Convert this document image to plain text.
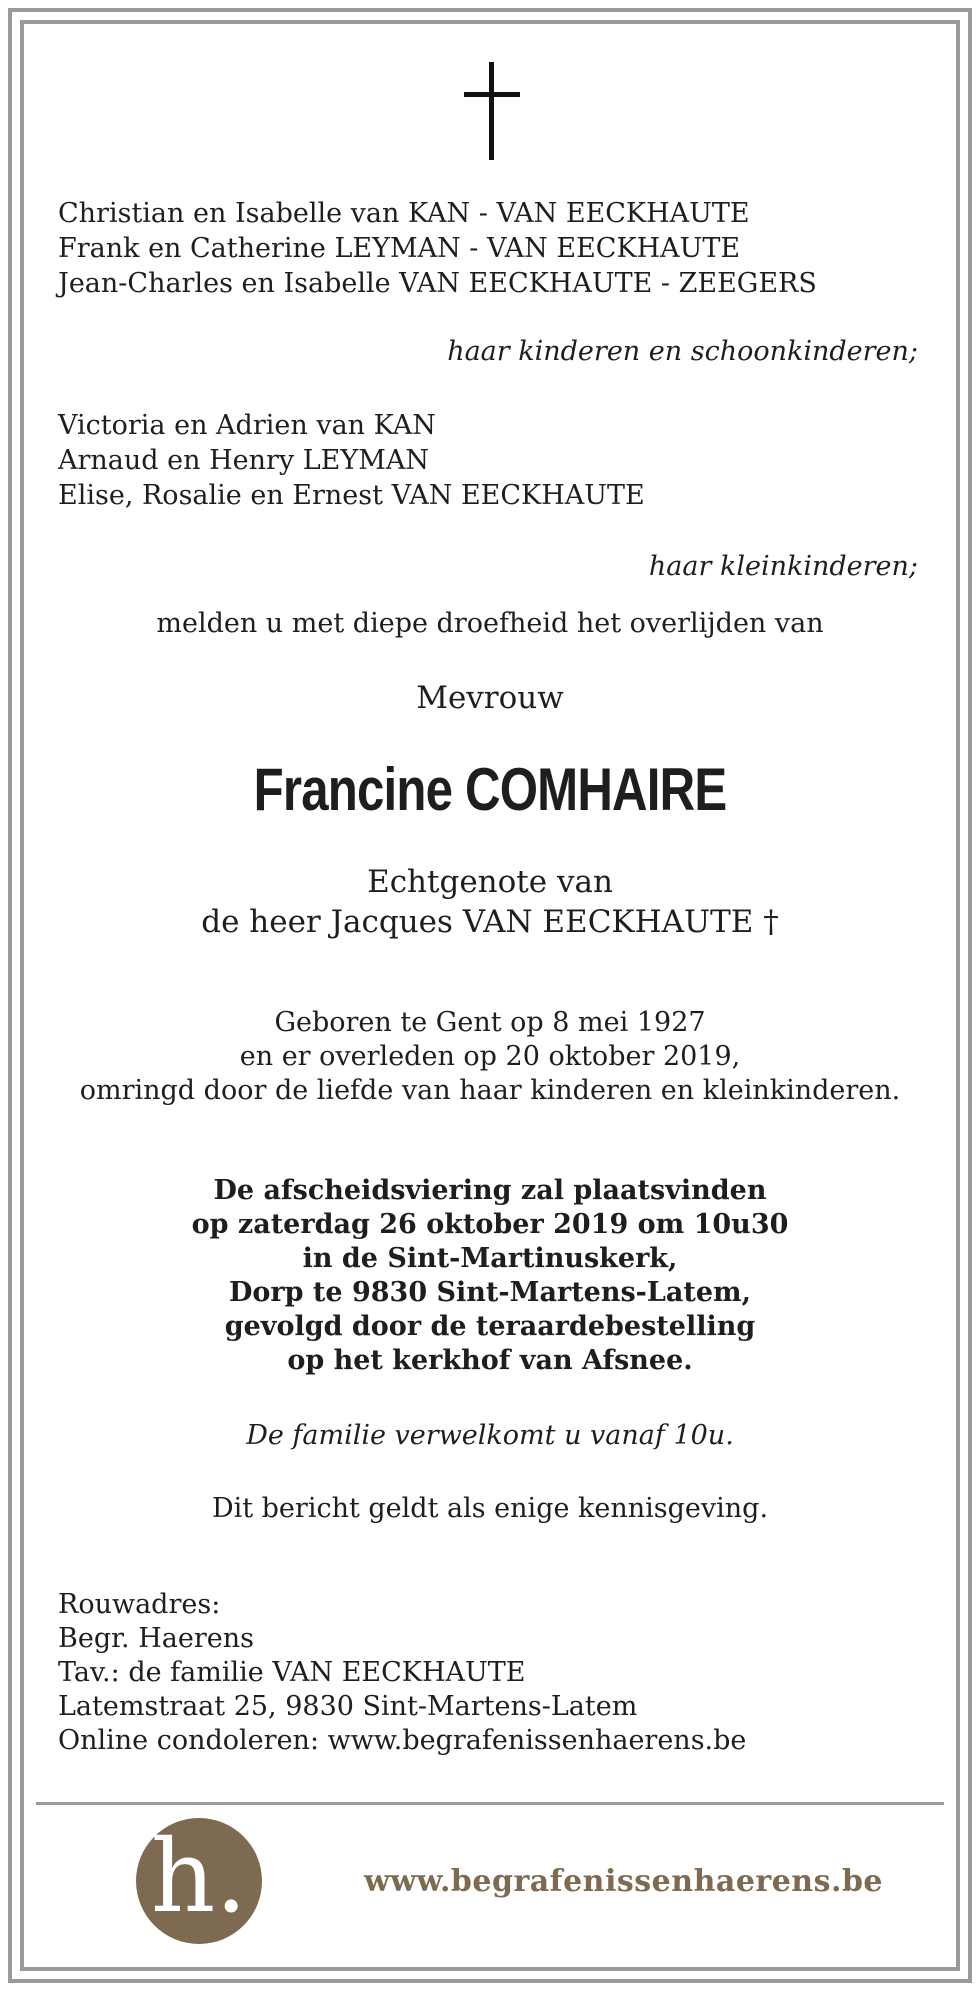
Christian en Isabelle van KAN - VAN EECKHAUTE
Frank en Catherine LEYMAN - VAN EECKHAUTE
Jean-Charles en Isabelle VAN EECKHAUTE - ZEEGERS
haar kinderen en schoonkinderen;
Victoria en Adrien van KAN
Arnaud en Henry LEYMAN
Elise, Rosalie en Ernest VAN EECKHAUTE
haar kleinkinderen;
melden u met diepe droefheid het overlijden van
Mevrouw
Francine COMHAIRE
Echtgenote van
de heer Jacques VAN EECKHAUTE †
Geboren te Gent op 8 mei 1927
en er overleden op 20 oktober 2019,
omringd door de liefde van haar kinderen en kleinkinderen.
De afscheidsviering zal plaatsvinden
op zaterdag 26 oktober 2019 om 10u30
in de Sint-Martinuskerk,
Dorp te 9830 Sint-Martens-Latem,
gevolgd door de teraardebestelling
op het kerkhof van Afsnee.
De familie verwelkomt u vanaf 10u.
Dit bericht geldt als enige kennisgeving.
Rouwadres:
Begr. Haerens
Tav.: de familie VAN EECKHAUTE
Latemstraat 25, 9830 Sint-Martens-Latem
Online condoleren: www.begrafenissenhaerens.be
h.	www.begrafenissenhaerens.be
